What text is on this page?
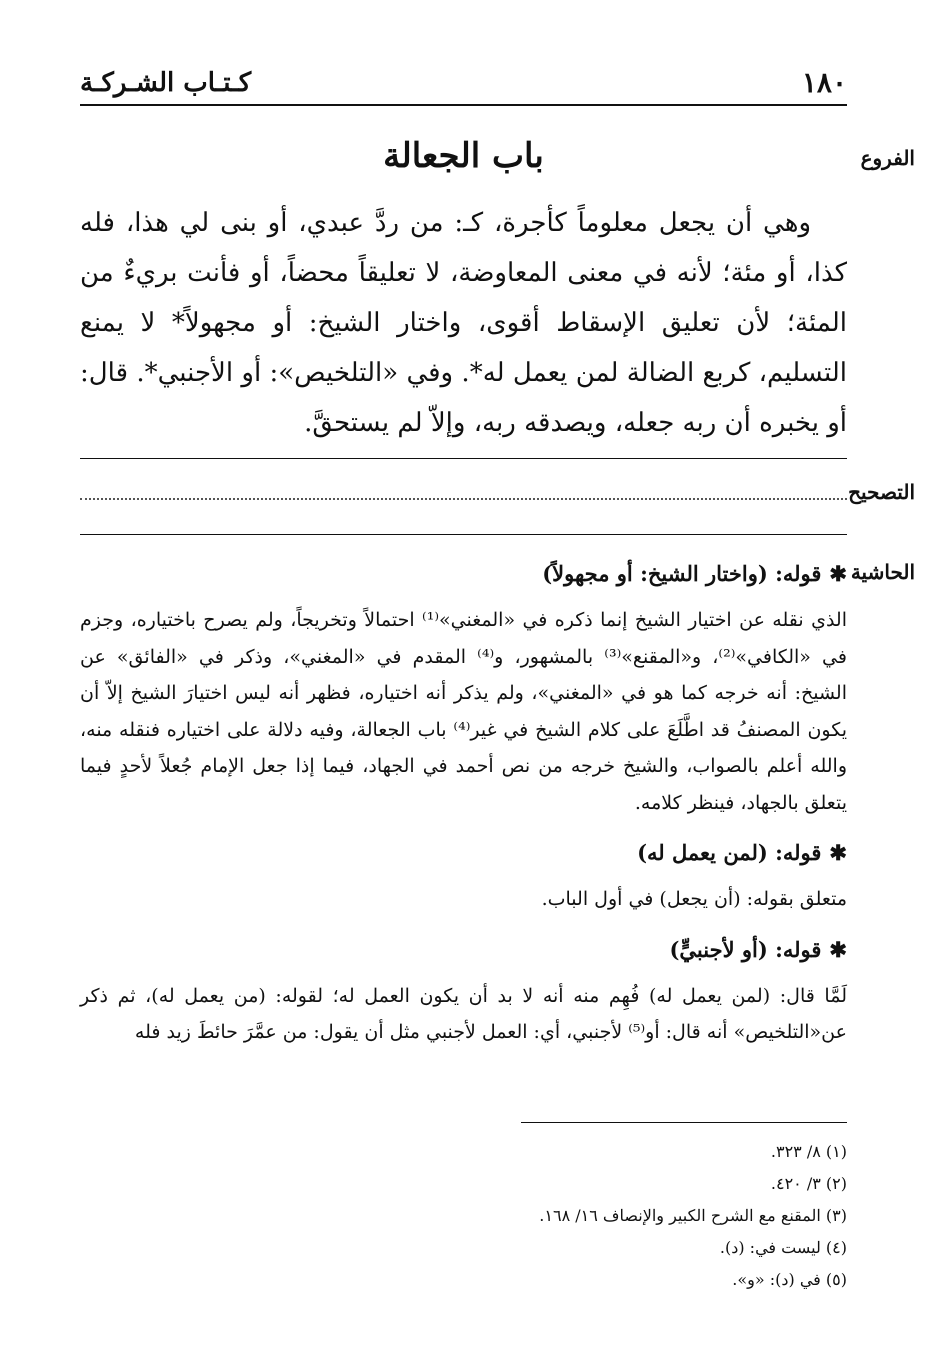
١٨٠
كـتـاب الشـركـة
الفروع
باب الجعالة

وهي أن يجعل معلوماً كأجرة، كـ: من ردَّ عبدي، أو بنى لي هذا، فله كذا، أو مئة؛ لأنه في معنى المعاوضة، لا تعليقاً محضاً، أو فأنت بريءٌ من المئة؛ لأن تعليق الإسقاط أقوى، واختار الشيخ: أو مجهولاً* لا يمنع التسليم، كربع الضالة لمن يعمل له*. وفي «التلخيص»: أو الأجنبي*. قال: أو يخبره أن ربه جعله، ويصدقه ربه، وإلاّ لم يستحقَّ.

التصحيح
الحاشية

✱قوله: (واختار الشيخ: أو مجهولاً)

الذي نقله عن اختيار الشيخ إنما ذكره في «المغني»⁽¹⁾ احتمالاً وتخريجاً، ولم يصرح باختياره، وجزم في «الكافي»⁽²⁾، و«المقنع»⁽³⁾ بالمشهور، و⁽⁴⁾ المقدم في «المغني»، وذكر في «الفائق» عن الشيخ: أنه خرجه كما هو في «المغني»، ولم يذكر أنه اختياره، فظهر أنه ليس اختيارَ الشيخ إلاّ أن يكون المصنفُ قد اطَّلَعَ على كلام الشيخ في غير⁽⁴⁾ باب الجعالة، وفيه دلالة على اختياره فنقله منه، والله أعلم بالصواب، والشيخ خرجه من نص أحمد في الجهاد، فيما إذا جعل الإمام جُعلاً لأحدٍ فيما يتعلق بالجهاد، فينظر كلامه.

✱قوله: (لمن يعمل له)

متعلق بقوله: (أن يجعل) في أول الباب.

✱قوله: (أو لأجنبيٍّ)

لَمَّا قال: (لمن يعمل له) فُهِم منه أنه لا بد أن يكون العمل له؛ لقوله: (من يعمل له)، ثم ذكر عن«التلخيص» أنه قال: أو⁽⁵⁾ لأجنبي، أي: العمل لأجنبي مثل أن يقول: من عمَّرَ حائطَ زيد فله

(١) ٨/ ٣٢٣.

(٢) ٣/ ٤٢٠.

(٣) المقنع مع الشرح الكبير والإنصاف ١٦/ ١٦٨.

(٤) ليست في: (د).

(٥) في (د): «و».
